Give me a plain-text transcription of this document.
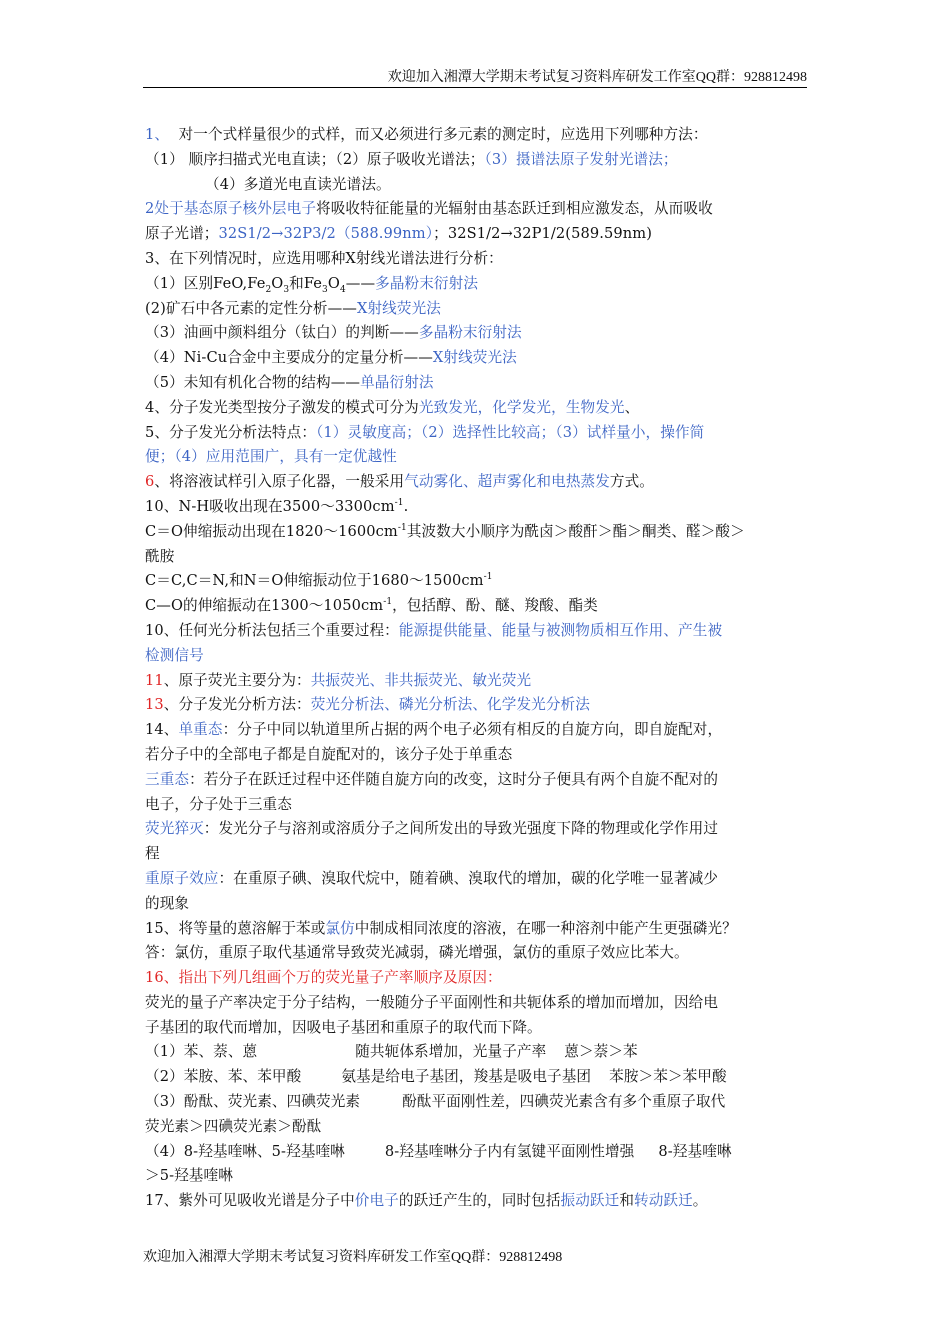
欢迎加入湘潭大学期末考试复习资料库研发工作室QQ群：928812498
1、 对一个式样量很少的式样，而又必须进行多元素的测定时，应选用下列哪种方法：
（1） 顺序扫描式光电直读；（2）原子吸收光谱法；（3）摄谱法原子发射光谱法；
（4）多道光电直读光谱法。
2处于基态原子核外层电子将吸收特征能量的光辐射由基态跃迁到相应激发态，从而吸收
原子光谱；32S1/2→32P3/2（588.99nm）；32S1/2→32P1/2(589.59nm)
3、在下列情况时，应选用哪种X射线光谱法进行分析：
（1）区别$FeO,Fe_2O_3$和$Fe_3O_4——$多晶粉末衍射法
(2)矿石中各元素的定性分析——X射线荧光法
（3）油画中颜料组分（钛白）的判断——多晶粉末衍射法
（4）Ni-Cu合金中主要成分的定量分析——X射线荧光法
（5）未知有机化合物的结构——单晶衍射法
4、分子发光类型按分子激发的模式可分为光致发光，化学发光，生物发光、
5、分子发光分析法特点：（1）灵敏度高；（2）选择性比较高；（3）试样量小，操作简
便；（4）应用范围广，具有一定优越性
6、将溶液试样引入原子化器，一般采用气动雾化、超声雾化和电热蒸发方式。
10、N-H吸收出现在$3500\sim 3300cm^{-1}$.
C＝O伸缩振动出现在$1820\sim 1600cm^{-1}$其波数大小顺序为酰卤＞酸酐＞酯＞酮类、醛＞酸＞
酰胺
C＝C,C＝N,和N＝O伸缩振动位于$1680\sim 1500cm^{-1}$
C—O的伸缩振动在$1300\sim 1050cm^{-1}$，包括醇、酚、醚、羧酸、酯类
10、任何光分析法包括三个重要过程：能源提供能量、能量与被测物质相互作用、产生被
检测信号
11、原子荧光主要分为：共振荧光、非共振荧光、敏光荧光
13、分子发光分析方法：荧光分析法、磷光分析法、化学发光分析法
14、单重态：分子中同以轨道里所占据的两个电子必须有相反的自旋方向，即自旋配对，
若分子中的全部电子都是自旋配对的，该分子处于单重态
三重态：若分子在跃迁过程中还伴随自旋方向的改变，这时分子便具有两个自旋不配对的
电子，分子处于三重态
荧光猝灭：发光分子与溶剂或溶质分子之间所发出的导致光强度下降的物理或化学作用过
程
重原子效应：在重原子碘、溴取代烷中，随着碘、溴取代的增加，碳的化学唯一显著减少
的现象
15、将等量的蒽溶解于苯或氯仿中制成相同浓度的溶液，在哪一种溶剂中能产生更强磷光？
答：氯仿，重原子取代基通常导致荧光减弱，磷光增强，氯仿的重原子效应比苯大。
16、指出下列几组画个万的荧光量子产率顺序及原因：
荧光的量子产率决定于分子结构，一般随分子平面刚性和共轭体系的增加而增加，因给电
子基团的取代而增加，因吸电子基团和重原子的取代而下降。
（1）苯、萘、蒽	随共轭体系增加，光量子产率 蒽＞萘＞苯
（2）苯胺、苯、苯甲酸	氨基是给电子基团，羧基是吸电子基团 苯胺＞苯＞苯甲酸
（3）酚酞、荧光素、四碘荧光素	酚酞平面刚性差，四碘荧光素含有多个重原子取代
荧光素＞四碘荧光素＞酚酞
（4）8-羟基喹啉、5-羟基喹啉	8-羟基喹啉分子内有氢键平面刚性增强 8-羟基喹啉
＞5-羟基喹啉
17、紫外可见吸收光谱是分子中价电子的跃迁产生的，同时包括振动跃迁和转动跃迁。
欢迎加入湘潭大学期末考试复习资料库研发工作室QQ群：928812498
